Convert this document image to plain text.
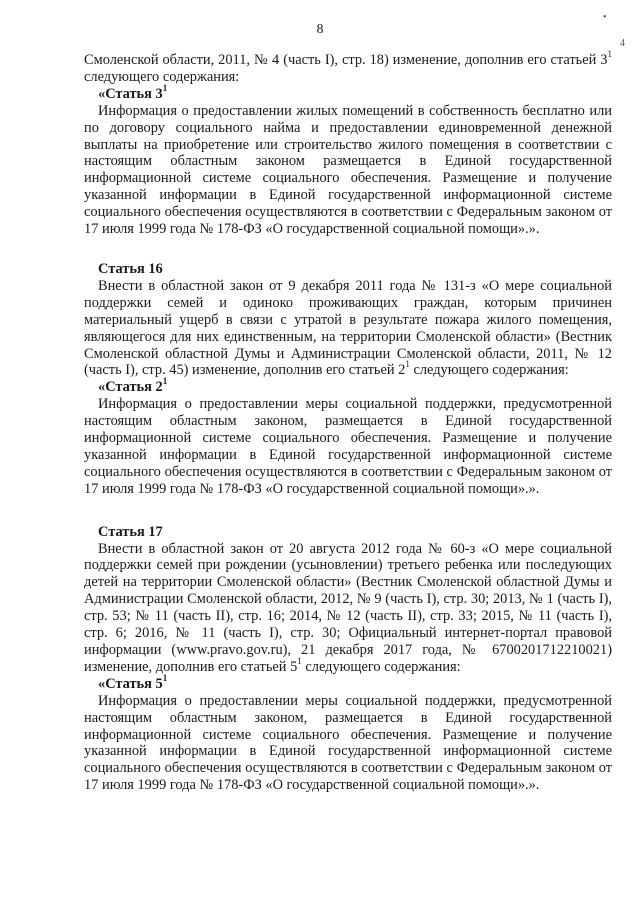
8
•
4

Смоленской области, 2011, № 4 (часть I), стр. 18) изменение, дополнив его статьей $3^1$ следующего содержания:

«Статья $3^1$

Информация о предоставлении жилых помещений в собственность бесплатно или по договору социального найма и предоставлении единовременной денежной выплаты на приобретение или строительство жилого помещения в соответствии с настоящим областным законом размещается в Единой государственной информационной системе социального обеспечения. Размещение и получение указанной информации в Единой государственной информационной системе социального обеспечения осуществляются в соответствии с Федеральным законом от 17 июля 1999 года № 178-ФЗ «О государственной социальной помощи».».

Статья 16

Внести в областной закон от 9 декабря 2011 года № 131-з «О мере социальной поддержки семей и одиноко проживающих граждан, которым причинен материальный ущерб в связи с утратой в результате пожара жилого помещения, являющегося для них единственным, на территории Смоленской области» (Вестник Смоленской областной Думы и Администрации Смоленской области, 2011, № 12 (часть I), стр. 45) изменение, дополнив его статьей $2^1$ следующего содержания:

«Статья $2^1$

Информация о предоставлении меры социальной поддержки, предусмотренной настоящим областным законом, размещается в Единой государственной информационной системе социального обеспечения. Размещение и получение указанной информации в Единой государственной информационной системе социального обеспечения осуществляются в соответствии с Федеральным законом от 17 июля 1999 года № 178-ФЗ «О государственной социальной помощи».».

Статья 17

Внести в областной закон от 20 августа 2012 года № 60-з «О мере социальной поддержки семей при рождении (усыновлении) третьего ребенка или последующих детей на территории Смоленской области» (Вестник Смоленской областной Думы и Администрации Смоленской области, 2012, № 9 (часть I), стр. 30; 2013, № 1 (часть I), стр. 53; № 11 (часть II), стр. 16; 2014, № 12 (часть II), стр. 33; 2015, № 11 (часть I), стр. 6; 2016, № 11 (часть I), стр. 30; Официальный интернет-портал правовой информации (www.pravo.gov.ru), 21 декабря 2017 года, № 6700201712210021) изменение, дополнив его статьей $5^1$ следующего содержания:

«Статья $5^1$

Информация о предоставлении меры социальной поддержки, предусмотренной настоящим областным законом, размещается в Единой государственной информационной системе социального обеспечения. Размещение и получение указанной информации в Единой государственной информационной системе социального обеспечения осуществляются в соответствии с Федеральным законом от 17 июля 1999 года № 178-ФЗ «О государственной социальной помощи».».
